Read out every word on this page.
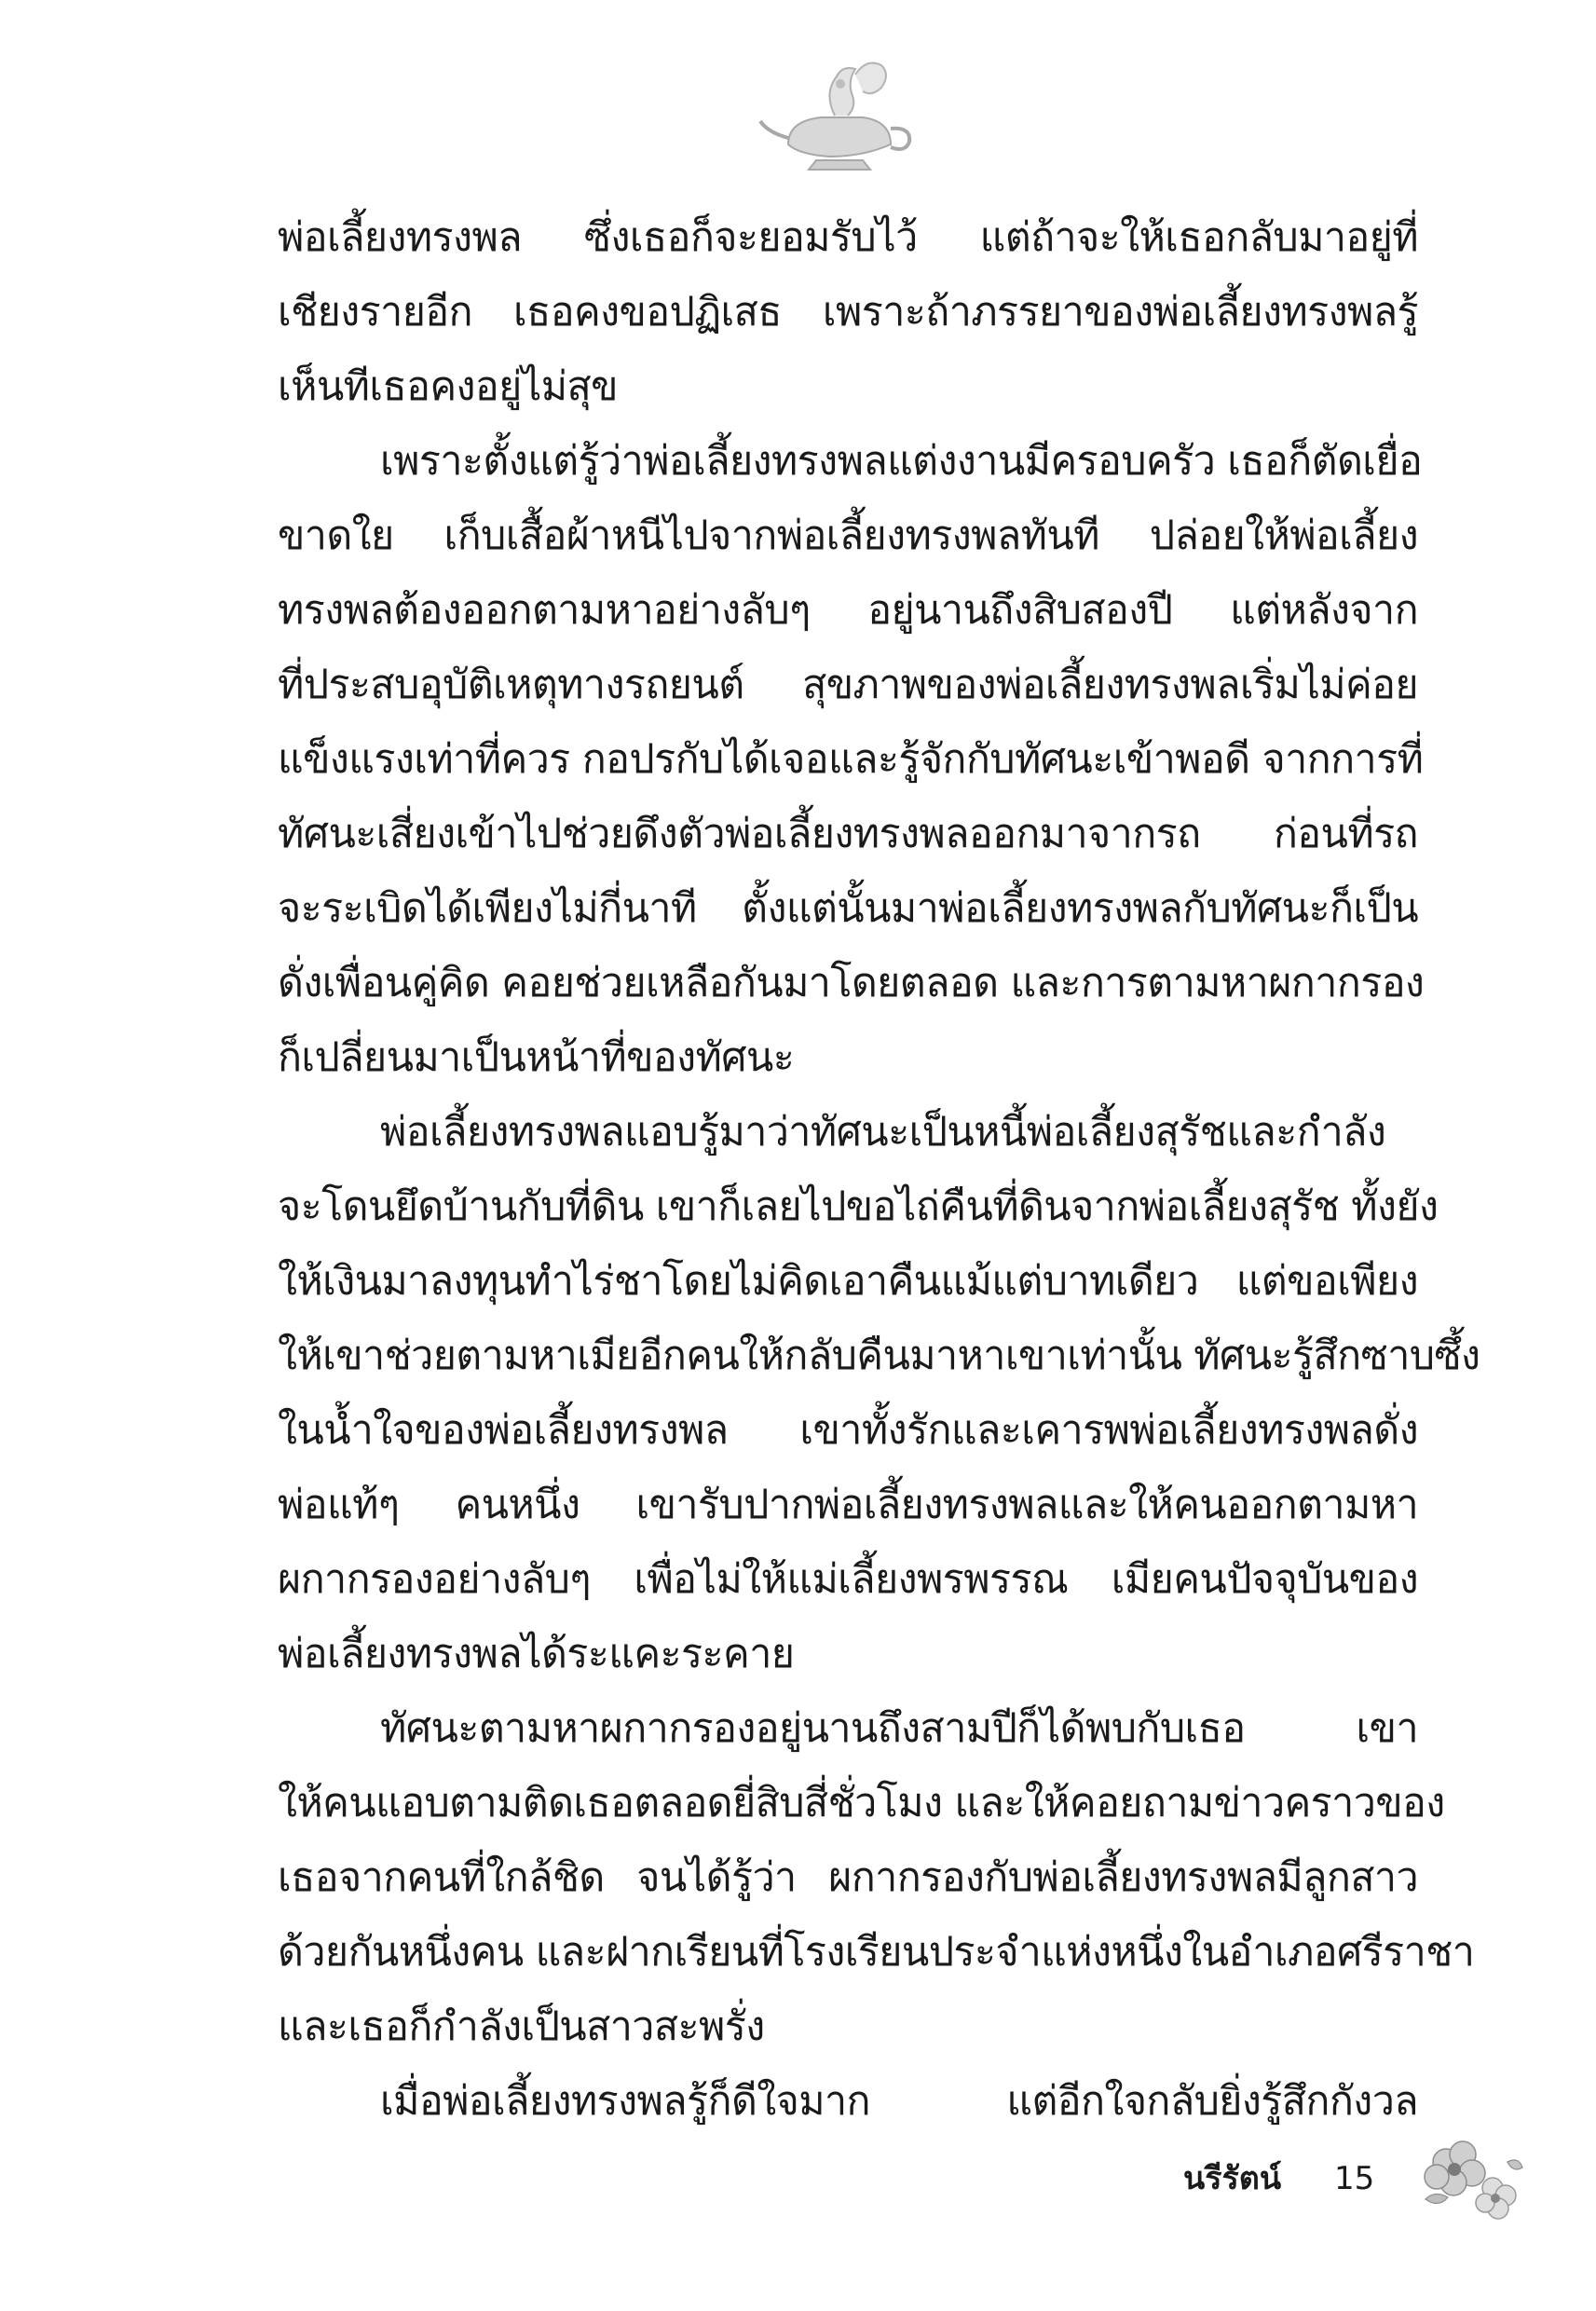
พ่อเลี้ยงทรงพล ซึ่งเธอก็จะยอมรับไว้ แต่ถ้าจะให้เธอกลับมาอยู่ที่
เชียงรายอีก เธอคงขอปฏิเสธ เพราะถ้าภรรยาของพ่อเลี้ยงทรงพลรู้
เห็นทีเธอคงอยู่ไม่สุข
เพราะตั้งแต่รู้ว่าพ่อเลี้ยงทรงพลแต่งงานมีครอบครัว เธอก็ตัดเยื่อ
ขาดใย เก็บเสื้อผ้าหนีไปจากพ่อเลี้ยงทรงพลทันที ปล่อยให้พ่อเลี้ยง
ทรงพลต้องออกตามหาอย่างลับๆ อยู่นานถึงสิบสองปี แต่หลังจาก
ที่ประสบอุบัติเหตุทางรถยนต์ สุขภาพของพ่อเลี้ยงทรงพลเริ่มไม่ค่อย
แข็งแรงเท่าที่ควร กอปรกับได้เจอและรู้จักกับทัศนะเข้าพอดี จากการที่
ทัศนะเสี่ยงเข้าไปช่วยดึงตัวพ่อเลี้ยงทรงพลออกมาจากรถ ก่อนที่รถ
จะระเบิดได้เพียงไม่กี่นาที ตั้งแต่นั้นมาพ่อเลี้ยงทรงพลกับทัศนะก็เป็น
ดั่งเพื่อนคู่คิด คอยช่วยเหลือกันมาโดยตลอด และการตามหาผกากรอง
ก็เปลี่ยนมาเป็นหน้าที่ของทัศนะ
พ่อเลี้ยงทรงพลแอบรู้มาว่าทัศนะเป็นหนี้พ่อเลี้ยงสุรัชและกำลัง
จะโดนยึดบ้านกับที่ดิน เขาก็เลยไปขอไถ่คืนที่ดินจากพ่อเลี้ยงสุรัช ทั้งยัง
ให้เงินมาลงทุนทำไร่ชาโดยไม่คิดเอาคืนแม้แต่บาทเดียว แต่ขอเพียง
ให้เขาช่วยตามหาเมียอีกคนให้กลับคืนมาหาเขาเท่านั้น ทัศนะรู้สึกซาบซึ้ง
ในน้ำใจของพ่อเลี้ยงทรงพล เขาทั้งรักและเคารพพ่อเลี้ยงทรงพลดั่ง
พ่อแท้ๆ คนหนึ่ง เขารับปากพ่อเลี้ยงทรงพลและให้คนออกตามหา
ผกากรองอย่างลับๆ เพื่อไม่ให้แม่เลี้ยงพรพรรณ เมียคนปัจจุบันของ
พ่อเลี้ยงทรงพลได้ระแคะระคาย
ทัศนะตามหาผกากรองอยู่นานถึงสามปีก็ได้พบกับเธอ เขา
ให้คนแอบตามติดเธอตลอดยี่สิบสี่ชั่วโมง และให้คอยถามข่าวคราวของ
เธอจากคนที่ใกล้ชิด จนได้รู้ว่า ผกากรองกับพ่อเลี้ยงทรงพลมีลูกสาว
ด้วยกันหนึ่งคน และฝากเรียนที่โรงเรียนประจำแห่งหนึ่งในอำเภอศรีราชา
และเธอก็กำลังเป็นสาวสะพรั่ง
เมื่อพ่อเลี้ยงทรงพลรู้ก็ดีใจมาก แต่อีกใจกลับยิ่งรู้สึกกังวล
นรีรัตน์ 15
